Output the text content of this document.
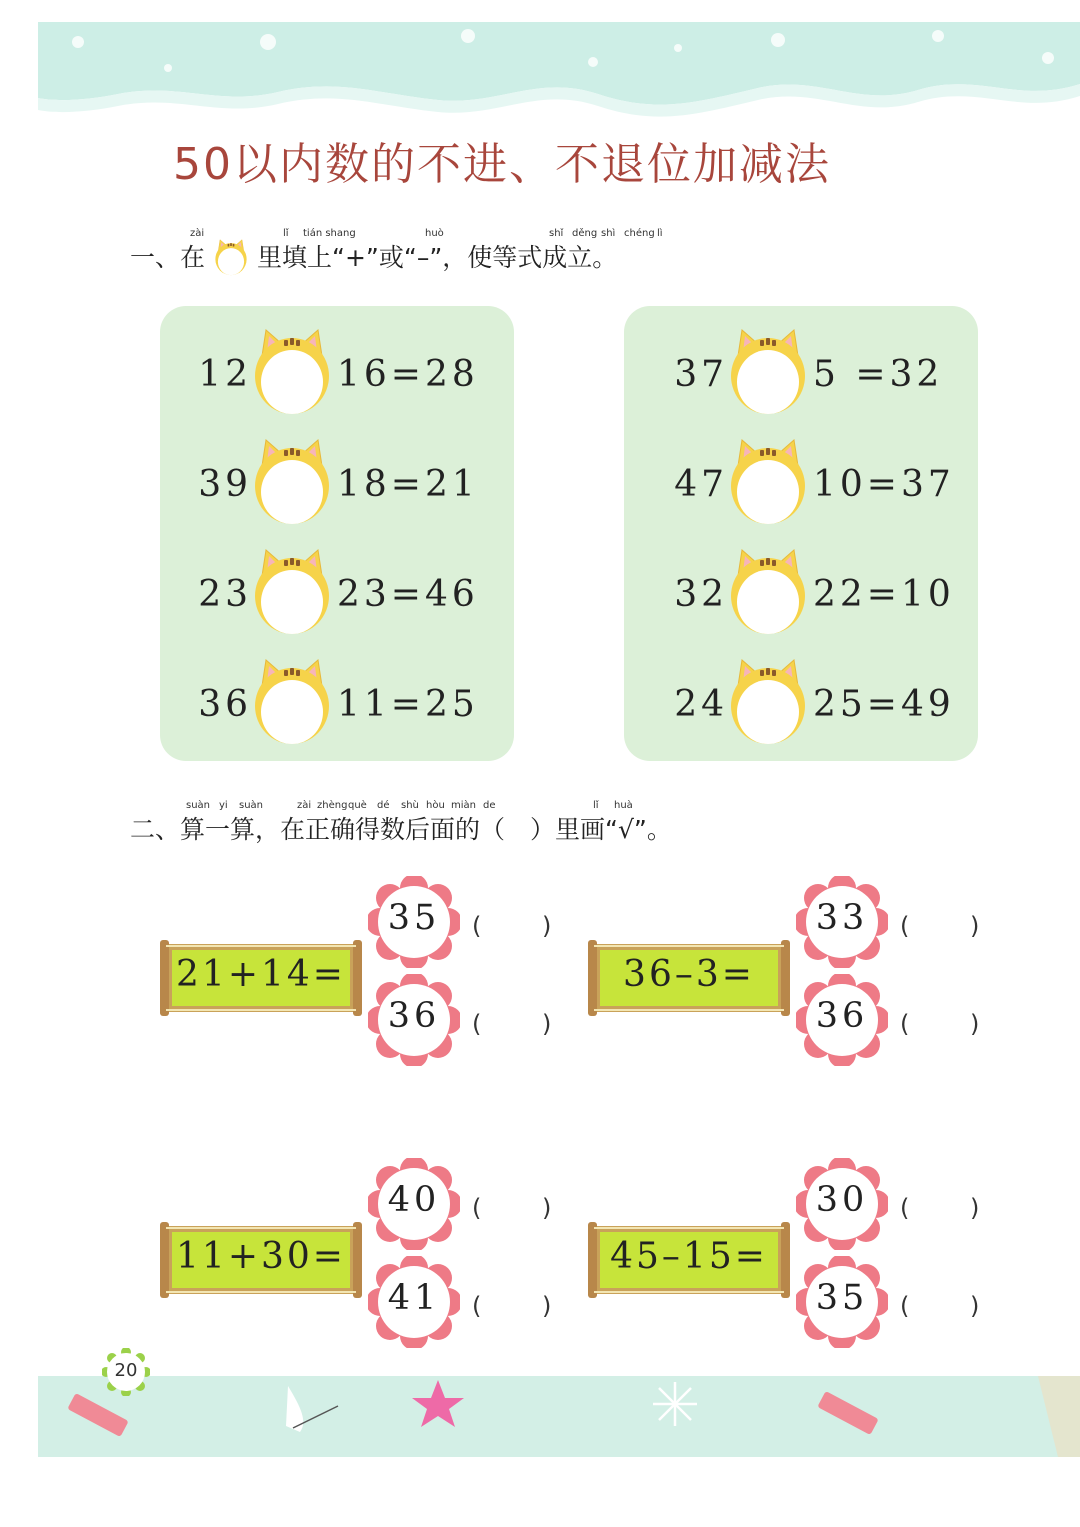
50以内数的不进、不退位加减法
zài	lǐ tián shang	huò	shǐ děng shì chéng lì
一、在 里填上“+”或“–”，使等式成立。
12 16=28
39 18=21
23 23=46
36 11=25
37 5 =32
47 10=37
32 22=10
24 25=49
suàn yi suàn	zài zhèng què dé shù hòu miàn de	lǐ huà
二、算一算，在正确得数后面的（　）里画“√”。
21+14=
35	(	)
36	(	)
36–3=
33	(	)
36	(	)
11+30=
40	(	)
41	(	)
45–15=
30	(	)
35	(	)
20
